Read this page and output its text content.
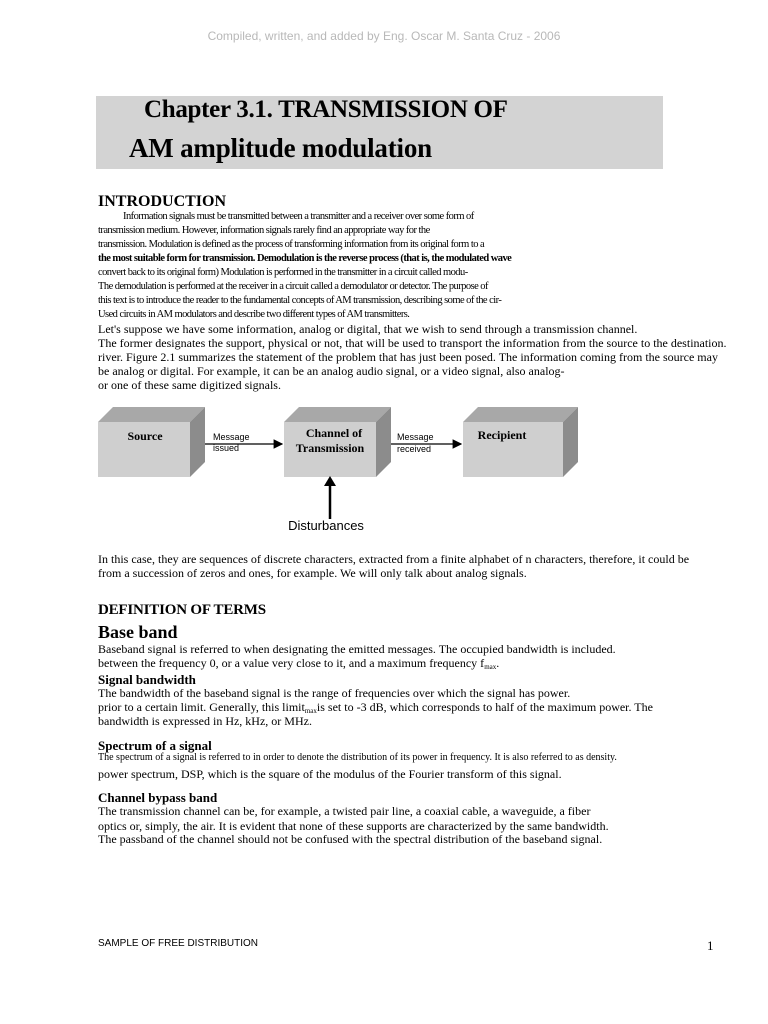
Compiled, written, and added by Eng. Oscar M. Santa Cruz - 2006
Chapter 3.1. TRANSMISSION OF
AM amplitude modulation
INTRODUCTION
Information signals must be transmitted between a transmitter and a receiver over some form of
transmission medium. However, information signals rarely find an appropriate way for the
transmission. Modulation is defined as the process of transforming information from its original form to a
the most suitable form for transmission. Demodulation is the reverse process (that is, the modulated wave
convert back to its original form) Modulation is performed in the transmitter in a circuit called modu-
The demodulation is performed at the receiver in a circuit called a demodulator or detector. The purpose of
this text is to introduce the reader to the fundamental concepts of AM transmission, describing some of the cir-
Used circuits in AM modulators and describe two different types of AM transmitters.
Let's suppose we have some information, analog or digital, that we wish to send through a transmission channel.
The former designates the support, physical or not, that will be used to transport the information from the source to the destination.
river. Figure 2.1 summarizes the statement of the problem that has just been posed. The information coming from the source may
be analog or digital. For example, it can be an analog audio signal, or a video signal, also analog-
or one of these same digitized signals.
Source	Channel of
Transmission
Recipient
Message
issued
Message
received
Disturbances
In this case, they are sequences of discrete characters, extracted from a finite alphabet of n characters, therefore, it could be
from a succession of zeros and ones, for example. We will only talk about analog signals.
DEFINITION OF TERMS
Base band
Baseband signal is referred to when designating the emitted messages. The occupied bandwidth is included.
between the frequency 0, or a value very close to it, and a maximum frequency $f_{max}$.
Signal bandwidth
The bandwidth of the baseband signal is the range of frequencies over which the signal has power.
prior to a certain limit. Generally, this limit$_{max}$is set to -3 dB, which corresponds to half of the maximum power. The
bandwidth is expressed in Hz, kHz, or MHz.
Spectrum of a signal
The spectrum of a signal is referred to in order to denote the distribution of its power in frequency. It is also referred to as density.
power spectrum, DSP, which is the square of the modulus of the Fourier transform of this signal.
Channel bypass band
The transmission channel can be, for example, a twisted pair line, a coaxial cable, a waveguide, a fiber
optics or, simply, the air. It is evident that none of these supports are characterized by the same bandwidth.
The passband of the channel should not be confused with the spectral distribution of the baseband signal.
SAMPLE OF FREE DISTRIBUTION	1
